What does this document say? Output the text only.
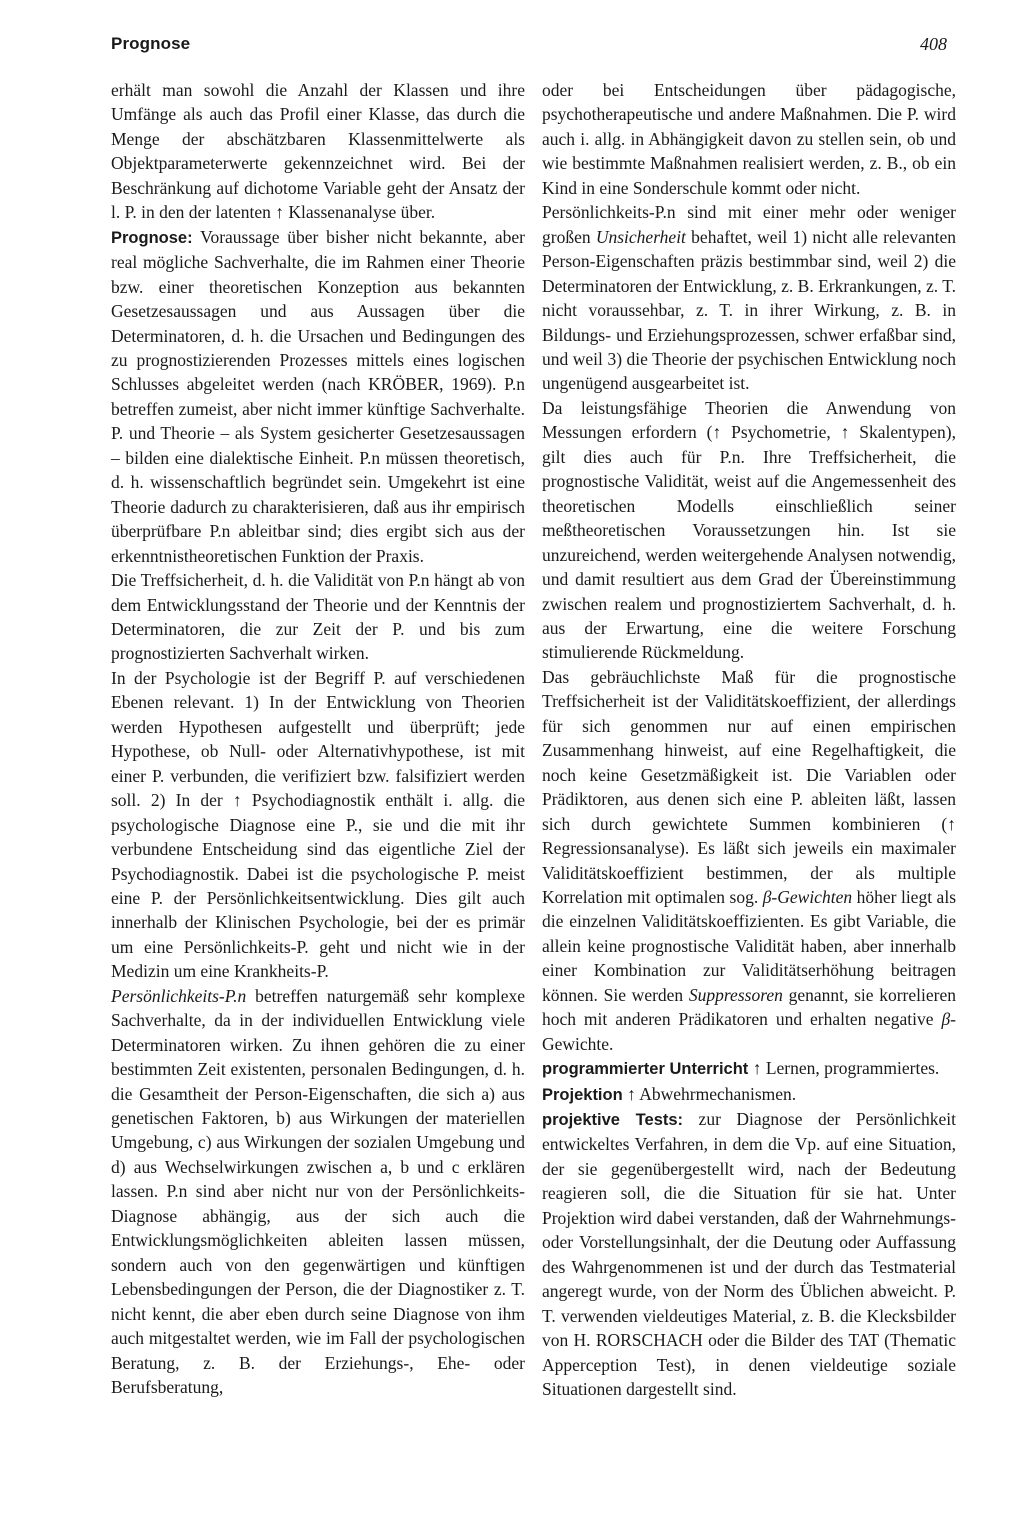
Prognose	408

erhält man sowohl die Anzahl der Klassen und ihre Umfänge als auch das Profil einer Klasse, das durch die Menge der abschätzbaren Klassenmittelwerte als Objektparameterwerte gekennzeichnet wird. Bei der Beschränkung auf dichotome Variable geht der Ansatz der l. P. in den der latenten ↑ Klassenanalyse über.

Prognose: Voraussage über bisher nicht bekannte, aber real mögliche Sachverhalte, die im Rahmen einer Theorie bzw. einer theoretischen Konzeption aus bekannten Gesetzesaussagen und aus Aussagen über die Determinatoren, d. h. die Ursachen und Bedingungen des zu prognostizierenden Prozesses mittels eines logischen Schlusses abgeleitet werden (nach KRÖBER, 1969). P.n betreffen zumeist, aber nicht immer künftige Sachverhalte. P. und Theorie – als System gesicherter Gesetzesaussagen – bilden eine dialektische Einheit. P.n müssen theoretisch, d. h. wissenschaftlich begründet sein. Umgekehrt ist eine Theorie dadurch zu charakterisieren, daß aus ihr empirisch überprüfbare P.n ableitbar sind; dies ergibt sich aus der erkenntnistheoretischen Funktion der Praxis.

Die Treffsicherheit, d. h. die Validität von P.n hängt ab von dem Entwicklungsstand der Theorie und der Kenntnis der Determinatoren, die zur Zeit der P. und bis zum prognostizierten Sachverhalt wirken.

In der Psychologie ist der Begriff P. auf verschiedenen Ebenen relevant. 1) In der Entwicklung von Theorien werden Hypothesen aufgestellt und überprüft; jede Hypothese, ob Null- oder Alternativhypothese, ist mit einer P. verbunden, die verifiziert bzw. falsifiziert werden soll. 2) In der ↑ Psychodiagnostik enthält i. allg. die psychologische Diagnose eine P., sie und die mit ihr verbundene Entscheidung sind das eigentliche Ziel der Psychodiagnostik. Dabei ist die psychologische P. meist eine P. der Persönlichkeitsentwicklung. Dies gilt auch innerhalb der Klinischen Psychologie, bei der es primär um eine Persönlichkeits-P. geht und nicht wie in der Medizin um eine Krankheits-P.

Persönlichkeits-P.n betreffen naturgemäß sehr komplexe Sachverhalte, da in der individuellen Entwicklung viele Determinatoren wirken. Zu ihnen gehören die zu einer bestimmten Zeit existenten, personalen Bedingungen, d. h. die Gesamtheit der Person-Eigenschaften, die sich a) aus genetischen Faktoren, b) aus Wirkungen der materiellen Umgebung, c) aus Wirkungen der sozialen Umgebung und d) aus Wechselwirkungen zwischen a, b und c erklären lassen. P.n sind aber nicht nur von der Persönlichkeits-Diagnose abhängig, aus der sich auch die Entwicklungsmöglichkeiten ableiten lassen müssen, sondern auch von den gegenwärtigen und künftigen Lebensbedingungen der Person, die der Diagnostiker z. T. nicht kennt, die aber eben durch seine Diagnose von ihm auch mitgestaltet werden, wie im Fall der psychologischen Beratung, z. B. der Erziehungs-, Ehe- oder Berufsberatung,

oder bei Entscheidungen über pädagogische, psychotherapeutische und andere Maßnahmen. Die P. wird auch i. allg. in Abhängigkeit davon zu stellen sein, ob und wie bestimmte Maßnahmen realisiert werden, z. B., ob ein Kind in eine Sonderschule kommt oder nicht.

Persönlichkeits-P.n sind mit einer mehr oder weniger großen Unsicherheit behaftet, weil 1) nicht alle relevanten Person-Eigenschaften präzis bestimmbar sind, weil 2) die Determinatoren der Entwicklung, z. B. Erkrankungen, z. T. nicht voraussehbar, z. T. in ihrer Wirkung, z. B. in Bildungs- und Erziehungsprozessen, schwer erfaßbar sind, und weil 3) die Theorie der psychischen Entwicklung noch ungenügend ausgearbeitet ist.

Da leistungsfähige Theorien die Anwendung von Messungen erfordern (↑ Psychometrie, ↑ Skalentypen), gilt dies auch für P.n. Ihre Treffsicherheit, die prognostische Validität, weist auf die Angemessenheit des theoretischen Modells einschließlich seiner meßtheoretischen Voraussetzungen hin. Ist sie unzureichend, werden weitergehende Analysen notwendig, und damit resultiert aus dem Grad der Übereinstimmung zwischen realem und prognostiziertem Sachverhalt, d. h. aus der Erwartung, eine die weitere Forschung stimulierende Rückmeldung.

Das gebräuchlichste Maß für die prognostische Treffsicherheit ist der Validitätskoeffizient, der allerdings für sich genommen nur auf einen empirischen Zusammenhang hinweist, auf eine Regelhaftigkeit, die noch keine Gesetzmäßigkeit ist. Die Variablen oder Prädiktoren, aus denen sich eine P. ableiten läßt, lassen sich durch gewichtete Summen kombinieren (↑ Regressionsanalyse). Es läßt sich jeweils ein maximaler Validitätskoeffizient bestimmen, der als multiple Korrelation mit optimalen sog. β-Gewichten höher liegt als die einzelnen Validitätskoeffizienten. Es gibt Variable, die allein keine prognostische Validität haben, aber innerhalb einer Kombination zur Validitätserhöhung beitragen können. Sie werden Suppressoren genannt, sie korrelieren hoch mit anderen Prädikatoren und erhalten negative β-Gewichte.

programmierter Unterricht ↑ Lernen, programmiertes.

Projektion ↑ Abwehrmechanismen.

projektive Tests: zur Diagnose der Persönlichkeit entwickeltes Verfahren, in dem die Vp. auf eine Situation, der sie gegenübergestellt wird, nach der Bedeutung reagieren soll, die die Situation für sie hat. Unter Projektion wird dabei verstanden, daß der Wahrnehmungs- oder Vorstellungsinhalt, der die Deutung oder Auffassung des Wahrgenommenen ist und der durch das Testmaterial angeregt wurde, von der Norm des Üblichen abweicht. P. T. verwenden vieldeutiges Material, z. B. die Klecksbilder von H. RORSCHACH oder die Bilder des TAT (Thematic Apperception Test), in denen vieldeutige soziale Situationen dargestellt sind.
